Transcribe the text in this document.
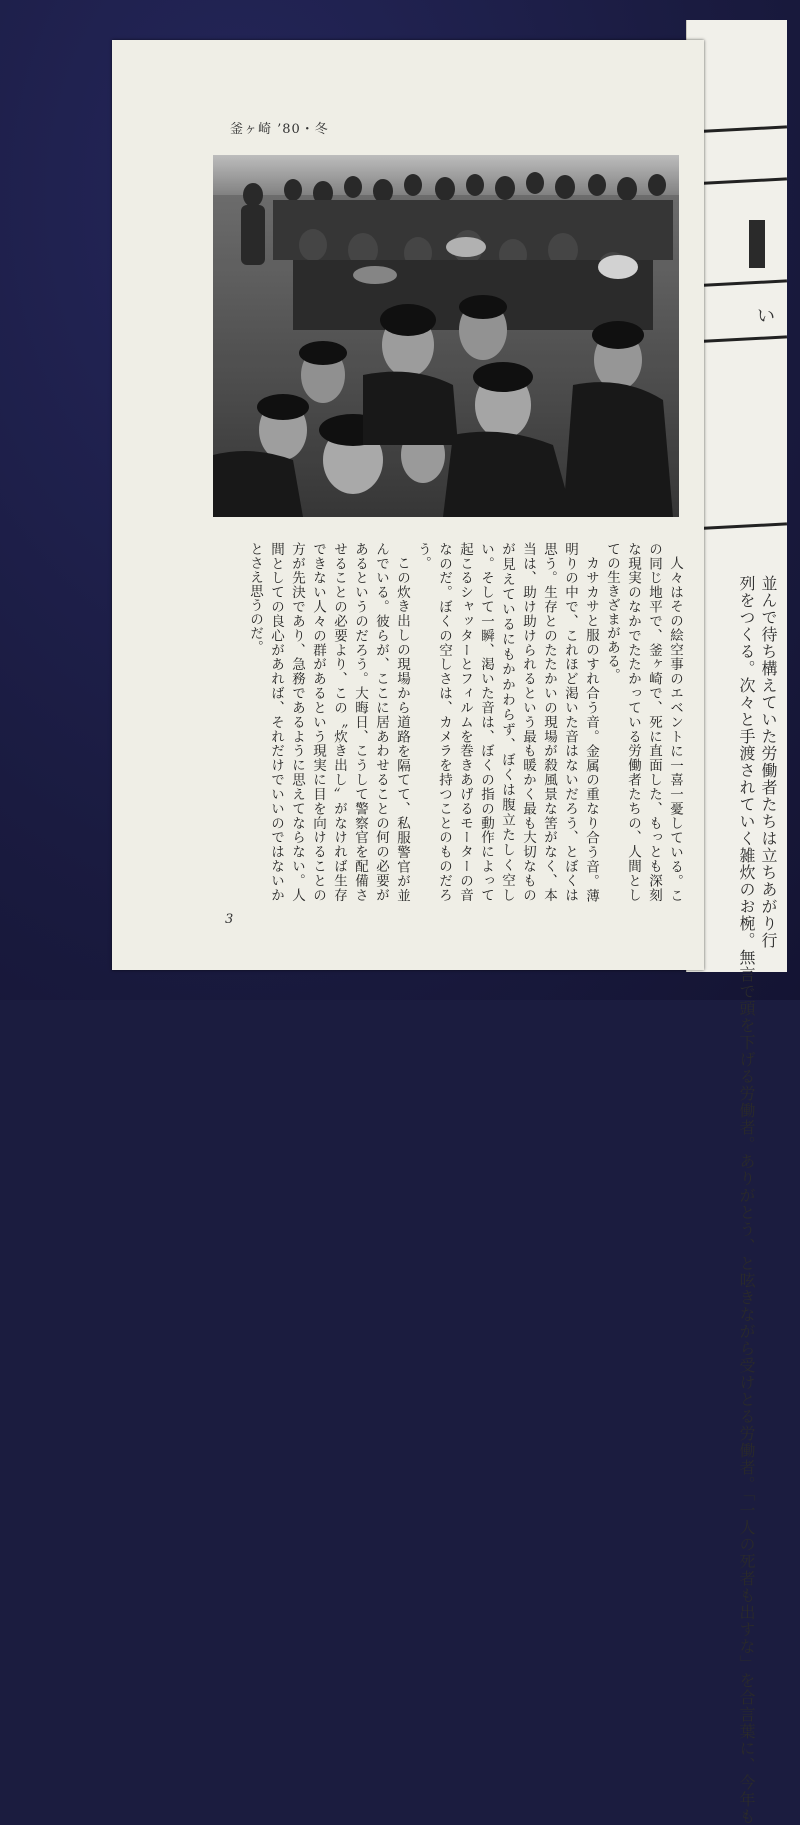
い
並んで待ち構えていた労働者たちは立ちあがり行
列をつくる。次々と手渡されていく雑炊のお椀。無言で頭を下げる労働者。ありがとう、と呟きながら受けとる労働者。「一人の死者も出すな」を合言葉に、今年も
釜ヶ崎 ’80・冬

人々はその絵空事のエベントに一喜一憂している。この同じ地平で、釜ヶ崎で、死に直面した、もっとも深刻な現実のなかでたたかっている労働者たちの、人間としての生きざまがある。

カサカサと服のすれ合う音。金属の重なり合う音。薄明りの中で、これほど渇いた音はないだろう、とぼくは思う。生存とのたたかいの現場が殺風景な筈がなく、本当は、助け助けられるという最も暖かく最も大切なものが見えているにもかかわらず、ぼくは腹立たしく空しい。そして一瞬、渇いた音は、ぼくの指の動作によって起こるシャッターとフィルムを巻きあげるモーターの音なのだ。ぼくの空しさは、カメラを持つことのものだろう。

この炊き出しの現場から道路を隔てて、私服警官が並んでいる。彼らが、ここに居あわせることの何の必要があるというのだろう。大晦日、こうして警察官を配備させることの必要より、この〝炊き出し〟がなければ生存できない人々の群があるという現実に目を向けることの方が先決であり、急務であるように思えてならない。人間としての良心があれば、それだけでいいのではないかとさえ思うのだ。

3
